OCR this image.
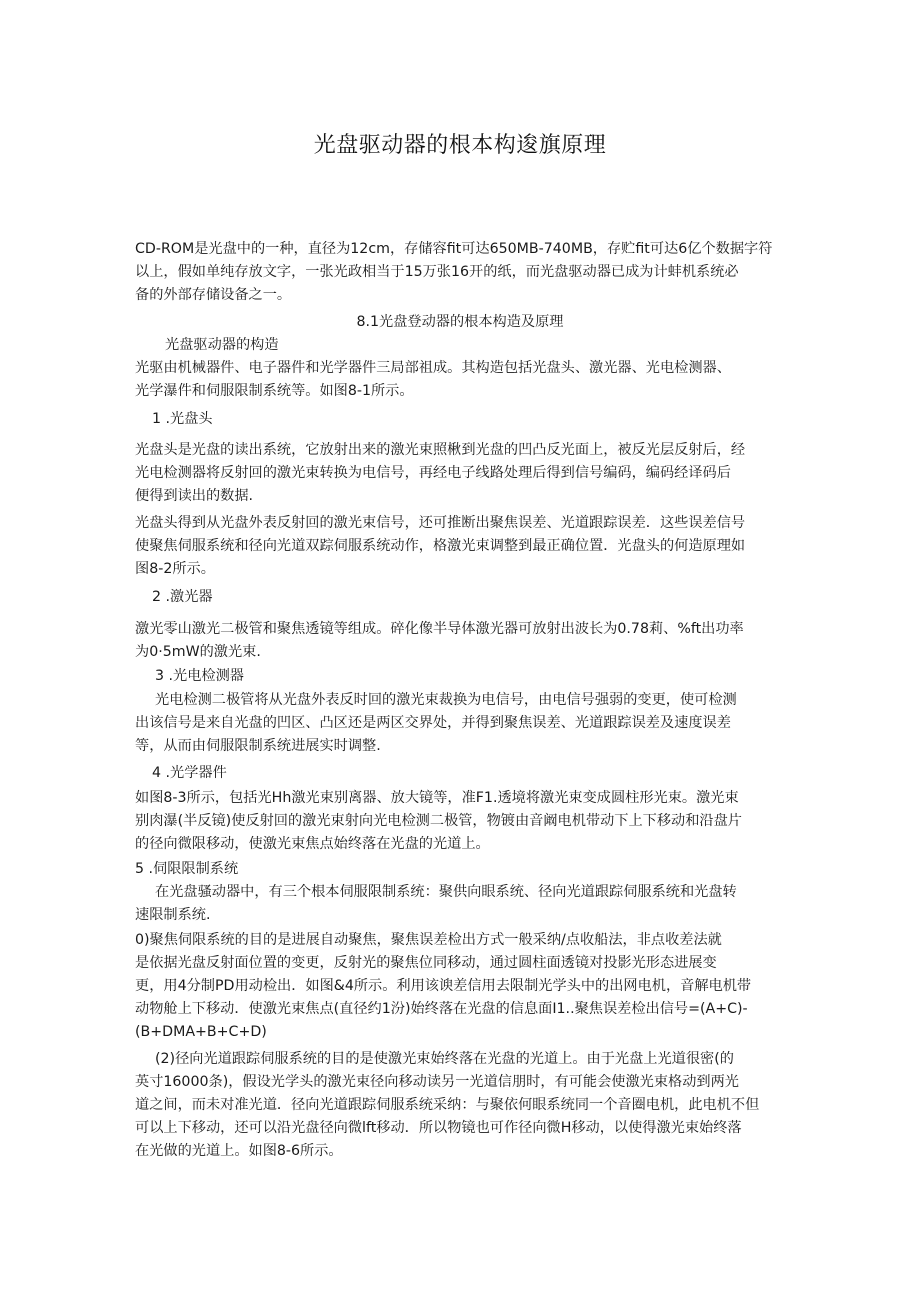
光盘驱动器的根本构逡旗原理
CD-ROM是光盘中的一种，直径为12cm，存储容fit可达650MB-740MB，存贮fit可达6亿个数据字符
以上，假如单纯存放文字，一张光政相当于15万张16开的纸，而光盘驱动器已成为计蚌机系统必
备的外部存储设备之一。
8.1光盘登动器的根本构造及原理
光盘驱动器的构造
光驱由机械器件、电子器件和光学器件三局部祖成。其构造包括光盘头、激光器、光电检测器、
光学瀑件和伺服限制系统等。如图8-1所示。
1 .光盘头
光盘头是光盘的读出系统，它放射出来的激光束照楸到光盘的凹凸反光面上，被反光层反射后，经
光电检测器将反射回的激光束转换为电信号，再经电子线路处理后得到信号编码，编码经译码后
便得到读出的数据.
光盘头得到从光盘外表反射回的激光束信号，还可推断出聚焦误差、光道跟踪误差．这些误差信号
使聚焦伺服系统和径向光道双踪伺服系统动作，格激光束调整到最正确位置．光盘头的何造原理如
图8-2所示。
2 .激光器
激光零山激光二极管和聚焦透镜等组成。碎化像半导体激光器可放射出波长为0.78莉、%ft出功率
为0·5mW的激光束.
3 .光电检测器
光电检测二极管将从光盘外表反时回的激光束裁换为电信号，由电信号强弱的变更，使可检测
出该信号是来自光盘的凹区、凸区还是两区交界处，并得到聚焦误差、光道跟踪误差及速度误差
等，从而由伺服限制系统进展实时调整.
4 .光学器件
如图8-3所示，包括光Hh激光束别离器、放大镜等，准F1.透境将激光束变成圆柱形光束。激光束
别肉瀑(半反镜)使反射回的激光束射向光电检测二极管，物镀由音阚电机带动下上下移动和沿盘片
的径向微限移动，使激光束焦点始终落在光盘的光道上。
5 .伺限限制系统
在光盘骚动器中，有三个根本伺服限制系统：聚供向眼系统、径向光道跟踪伺服系统和光盘转
速限制系统.
0)聚焦伺限系统的目的是进展自动聚焦，聚焦误差检出方式一般采纳/点收船法，非点收差法就
是依据光盘反射面位置的变更，反射光的聚焦位同移动，通过圆柱面透镜对投影光形态进展变
更，用4分制PD用动检出．如图&4所示。利用该谀差信用去限制光学头中的出网电机，音解电机带
动物舱上下移动．使激光束焦点(直径约1汾)始终落在光盘的信息面I1..聚焦误差检出信号=(A+C)-
(B+DMA+B+C+D)
(2)径向光道跟踪伺服系统的目的是使激光束始终落在光盘的光道上。由于光盘上光道很密(的
英寸16000条)，假设光学头的激光束径向移动读另一光道信朋时，有可能会使激光束格动到两光
道之间，而未对准光道．径向光道跟踪伺服系统采纳：与聚依何眼系统同一个音圈电机，此电机不但
可以上下移动，还可以沿光盘径向微lft移动．所以物镜也可作径向微H移动，以使得激光束始终落
在光做的光道上。如图8-6所示。
